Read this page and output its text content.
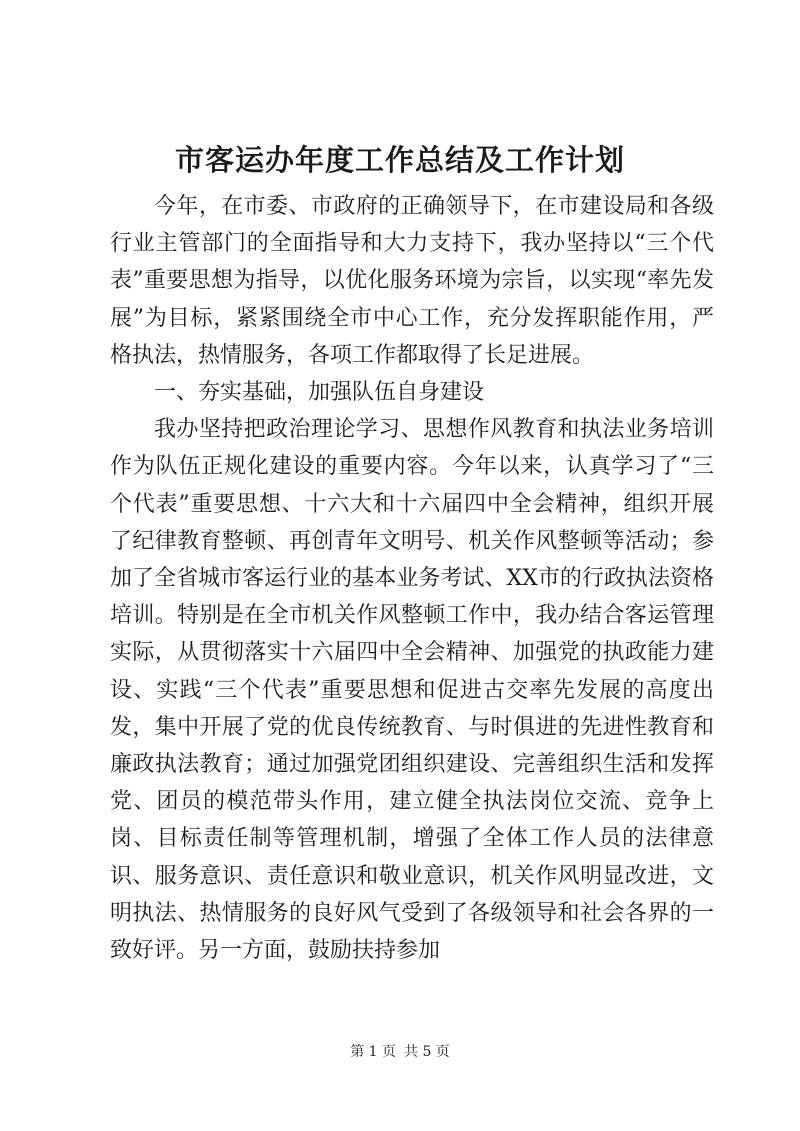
市客运办年度工作总结及工作计划

今年，在市委、市政府的正确领导下，在市建设局和各级行业主管部门的全面指导和大力支持下，我办坚持以“三个代表”重要思想为指导，以优化服务环境为宗旨，以实现“率先发展”为目标，紧紧围绕全市中心工作，充分发挥职能作用，严格执法，热情服务，各项工作都取得了长足进展。

一、夯实基础，加强队伍自身建设

我办坚持把政治理论学习、思想作风教育和执法业务培训作为队伍正规化建设的重要内容。今年以来，认真学习了“三个代表”重要思想、十六大和十六届四中全会精神，组织开展了纪律教育整顿、再创青年文明号、机关作风整顿等活动；参加了全省城市客运行业的基本业务考试、XX市的行政执法资格培训。特别是在全市机关作风整顿工作中，我办结合客运管理实际，从贯彻落实十六届四中全会精神、加强党的执政能力建设、实践“三个代表”重要思想和促进古交率先发展的高度出发，集中开展了党的优良传统教育、与时俱进的先进性教育和廉政执法教育；通过加强党团组织建设、完善组织生活和发挥党、团员的模范带头作用，建立健全执法岗位交流、竞争上岗、目标责任制等管理机制，增强了全体工作人员的法律意识、服务意识、责任意识和敬业意识，机关作风明显改进，文明执法、热情服务的良好风气受到了各级领导和社会各界的一致好评。另一方面，鼓励扶持参加

第 1 页 共 5 页
